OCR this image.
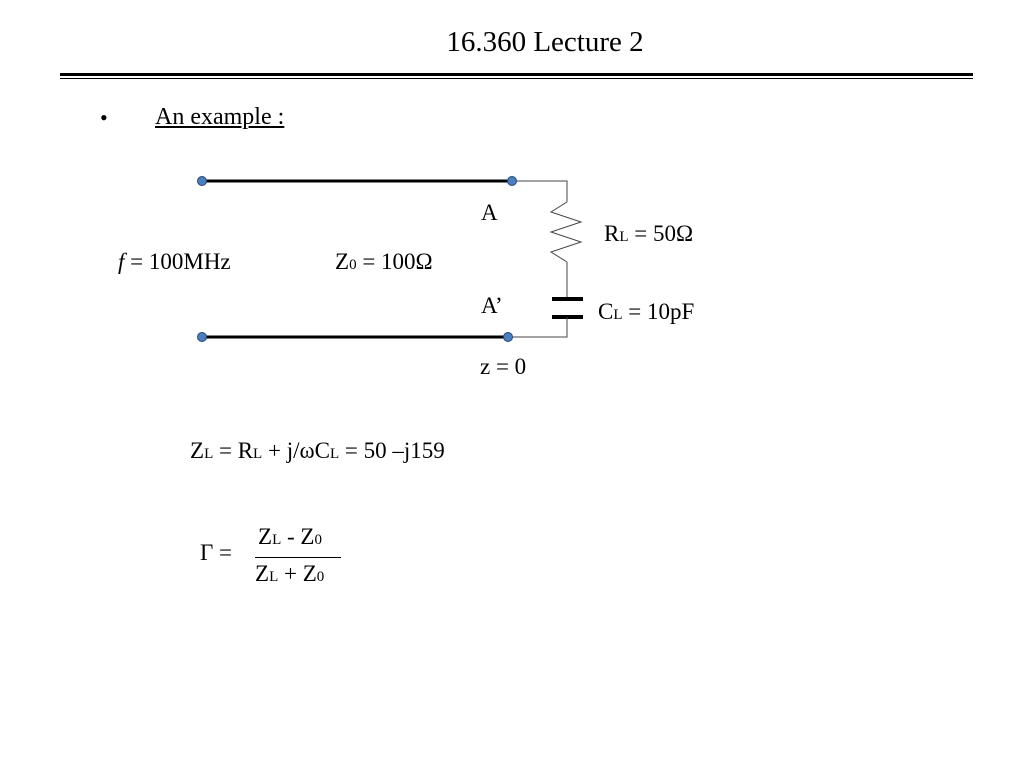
16.360 Lecture 2
• An example :
A
A’
z = 0
f = 100MHz	Z0 = 100Ω
RL = 50Ω
CL = 10pF
ZL = RL + j/ωCL = 50 –j159
Γ =
ZL - Z0
ZL + Z0
